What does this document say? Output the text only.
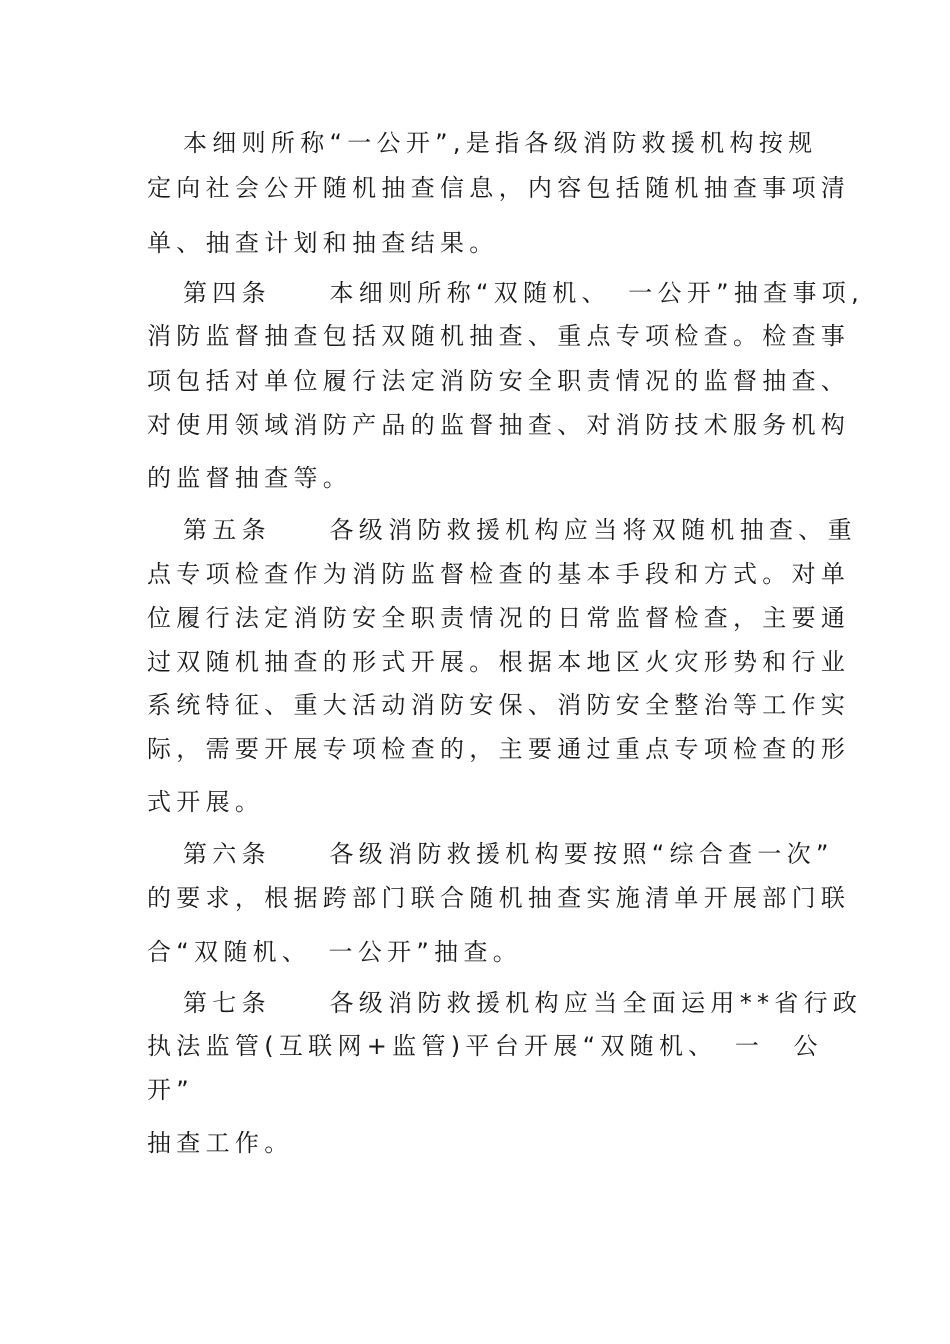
本细则所称“一公开”,是指各级消防救援机构按规

定向社会公开随机抽查信息，内容包括随机抽查事项清

单、抽查计划和抽查结果。

第四条　　本细则所称“双随机、　一公开”抽查事项,

消防监督抽查包括双随机抽查、重点专项检查。检查事

项包括对单位履行法定消防安全职责情况的监督抽查、

对使用领域消防产品的监督抽查、对消防技术服务机构

的监督抽查等。

第五条　　各级消防救援机构应当将双随机抽查、重

点专项检查作为消防监督检查的基本手段和方式。对单

位履行法定消防安全职责情况的日常监督检查，主要通

过双随机抽查的形式开展。根据本地区火灾形势和行业

系统特征、重大活动消防安保、消防安全整治等工作实

际，需要开展专项检查的，主要通过重点专项检查的形

式开展。

第六条　　各级消防救援机构要按照“综合查一次”

的要求，根据跨部门联合随机抽查实施清单开展部门联

合“双随机、　一公开”抽查。

第七条　　各级消防救援机构应当全面运用**省行政

执法监管(互联网+监管)平台开展“双随机、　一　公

开”

抽查工作。
